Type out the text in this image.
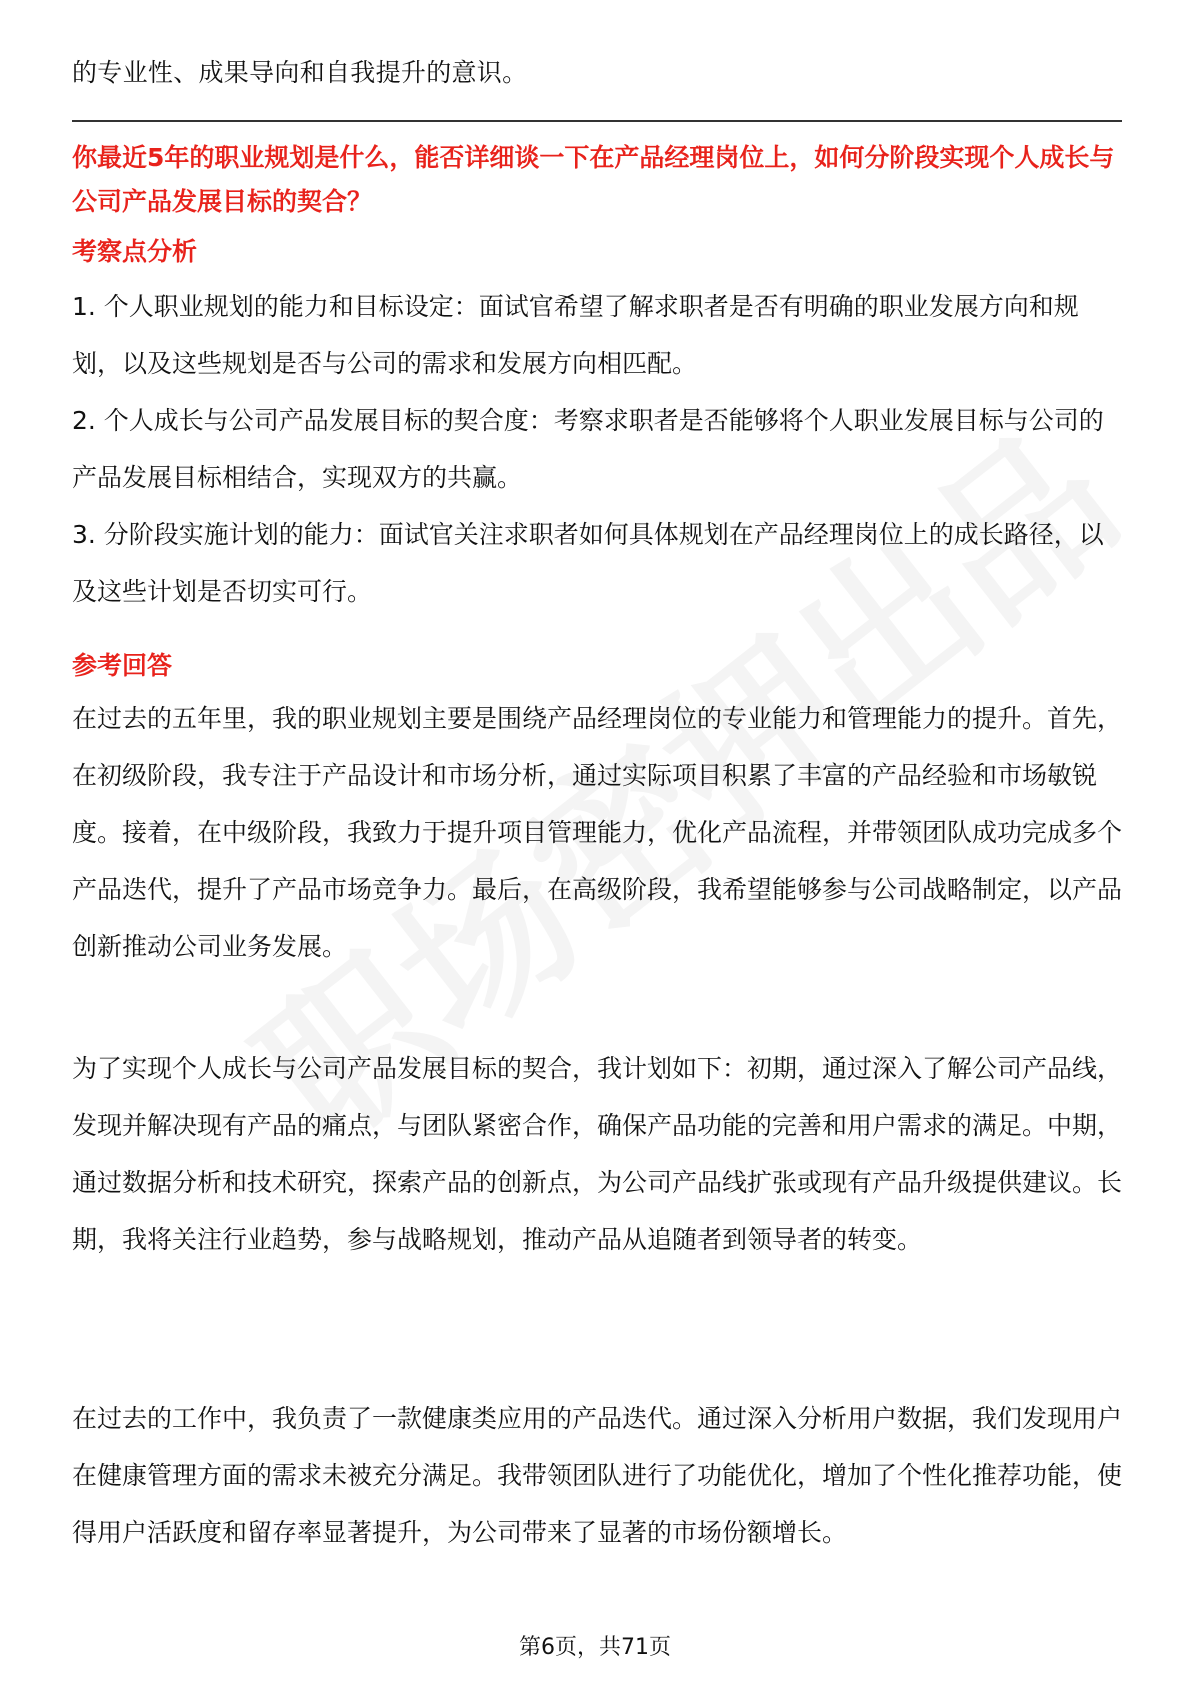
的专业性、成果导向和自我提升的意识。

你最近5年的职业规划是什么，能否详细谈一下在产品经理岗位上，如何分阶段实现个人成长与公司产品发展目标的契合？

考察点分析

1. 个人职业规划的能力和目标设定：面试官希望了解求职者是否有明确的职业发展方向和规划，以及这些规划是否与公司的需求和发展方向相匹配。

2. 个人成长与公司产品发展目标的契合度：考察求职者是否能够将个人职业发展目标与公司的产品发展目标相结合，实现双方的共赢。

3. 分阶段实施计划的能力：面试官关注求职者如何具体规划在产品经理岗位上的成长路径，以及这些计划是否切实可行。

参考回答

在过去的五年里，我的职业规划主要是围绕产品经理岗位的专业能力和管理能力的提升。首先，在初级阶段，我专注于产品设计和市场分析，通过实际项目积累了丰富的产品经验和市场敏锐度。接着，在中级阶段，我致力于提升项目管理能力，优化产品流程，并带领团队成功完成多个产品迭代，提升了产品市场竞争力。最后，在高级阶段，我希望能够参与公司战略制定，以产品创新推动公司业务发展。

为了实现个人成长与公司产品发展目标的契合，我计划如下：初期，通过深入了解公司产品线，发现并解决现有产品的痛点，与团队紧密合作，确保产品功能的完善和用户需求的满足。中期，通过数据分析和技术研究，探索产品的创新点，为公司产品线扩张或现有产品升级提供建议。长期，我将关注行业趋势，参与战略规划，推动产品从追随者到领导者的转变。

在过去的工作中，我负责了一款健康类应用的产品迭代。通过深入分析用户数据，我们发现用户在健康管理方面的需求未被充分满足。我带领团队进行了功能优化，增加了个性化推荐功能，使得用户活跃度和留存率显著提升，为公司带来了显著的市场份额增长。

第6页，共71页
